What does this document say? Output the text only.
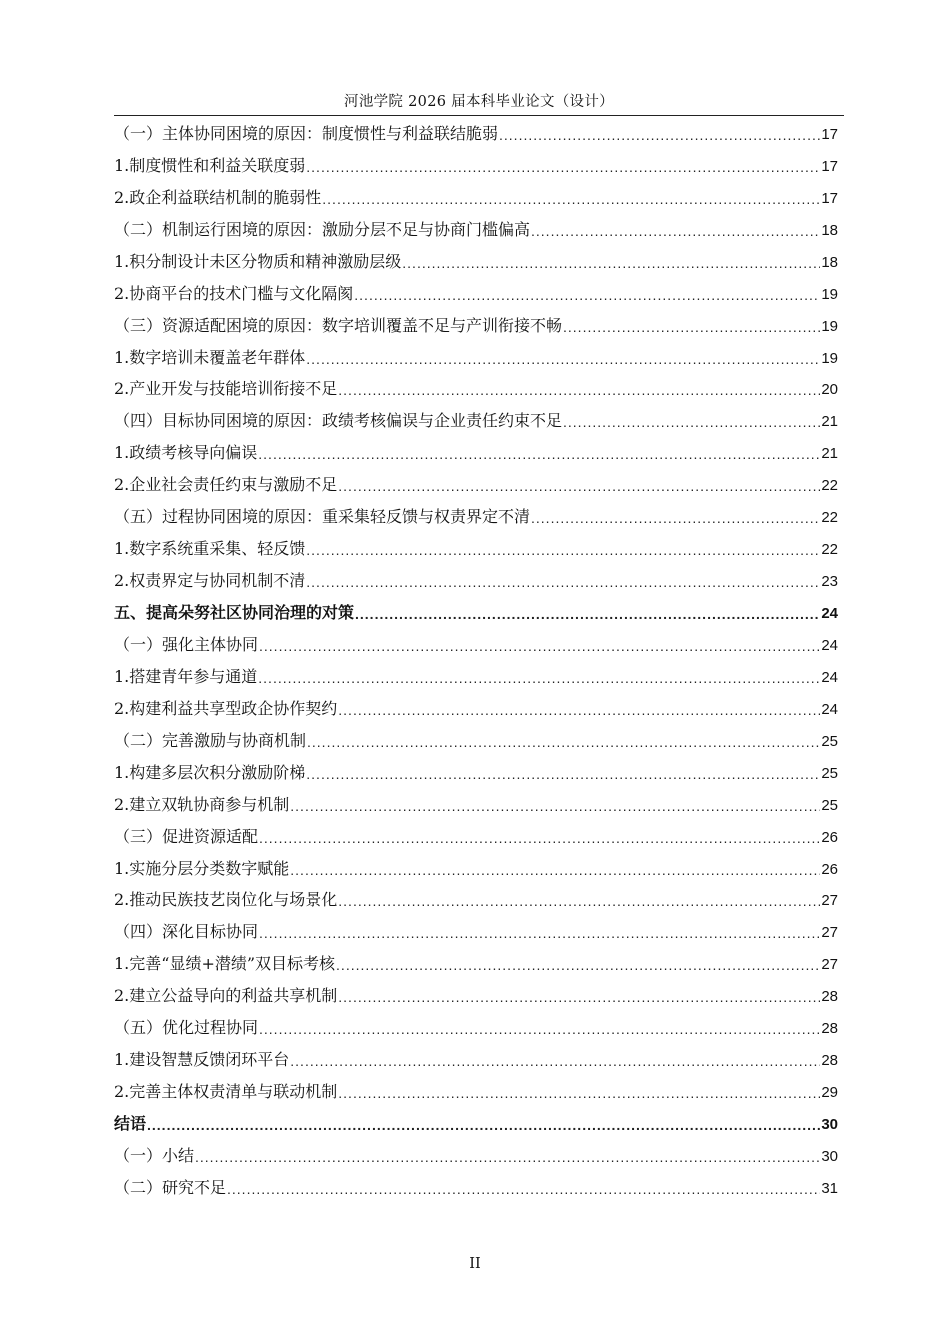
河池学院 2026 届本科毕业论文（设计）
（一）主体协同困境的原因：制度惯性与利益联结脆弱 .....	17
1.制度惯性和利益关联度弱 .....	17
2.政企利益联结机制的脆弱性 .....	17
（二）机制运行困境的原因：激励分层不足与协商门槛偏高 .....	18
1.积分制设计未区分物质和精神激励层级 .....	18
2.协商平台的技术门槛与文化隔阂 .....	19
（三）资源适配困境的原因：数字培训覆盖不足与产训衔接不畅 .....	19
1.数字培训未覆盖老年群体 .....	19
2.产业开发与技能培训衔接不足 .....	20
（四）目标协同困境的原因：政绩考核偏误与企业责任约束不足 .....	21
1.政绩考核导向偏误 .....	21
2.企业社会责任约束与激励不足 .....	22
（五）过程协同困境的原因：重采集轻反馈与权责界定不清 .....	22
1.数字系统重采集、轻反馈 .....	22
2.权责界定与协同机制不清 .....	23
五、提高朵努社区协同治理的对策 .....	24
（一）强化主体协同 .....	24
1.搭建青年参与通道 .....	24
2.构建利益共享型政企协作契约 .....	24
（二）完善激励与协商机制 .....	25
1.构建多层次积分激励阶梯 .....	25
2.建立双轨协商参与机制 .....	25
（三）促进资源适配 .....	26
1.实施分层分类数字赋能 .....	26
2.推动民族技艺岗位化与场景化 .....	27
（四）深化目标协同 .....	27
1.完善“显绩+潜绩”双目标考核 .....	27
2.建立公益导向的利益共享机制 .....	28
（五）优化过程协同 .....	28
1.建设智慧反馈闭环平台 .....	28
2.完善主体权责清单与联动机制 .....	29
结语 .....	30
（一）小结 .....	30
（二）研究不足 .....	31
II
